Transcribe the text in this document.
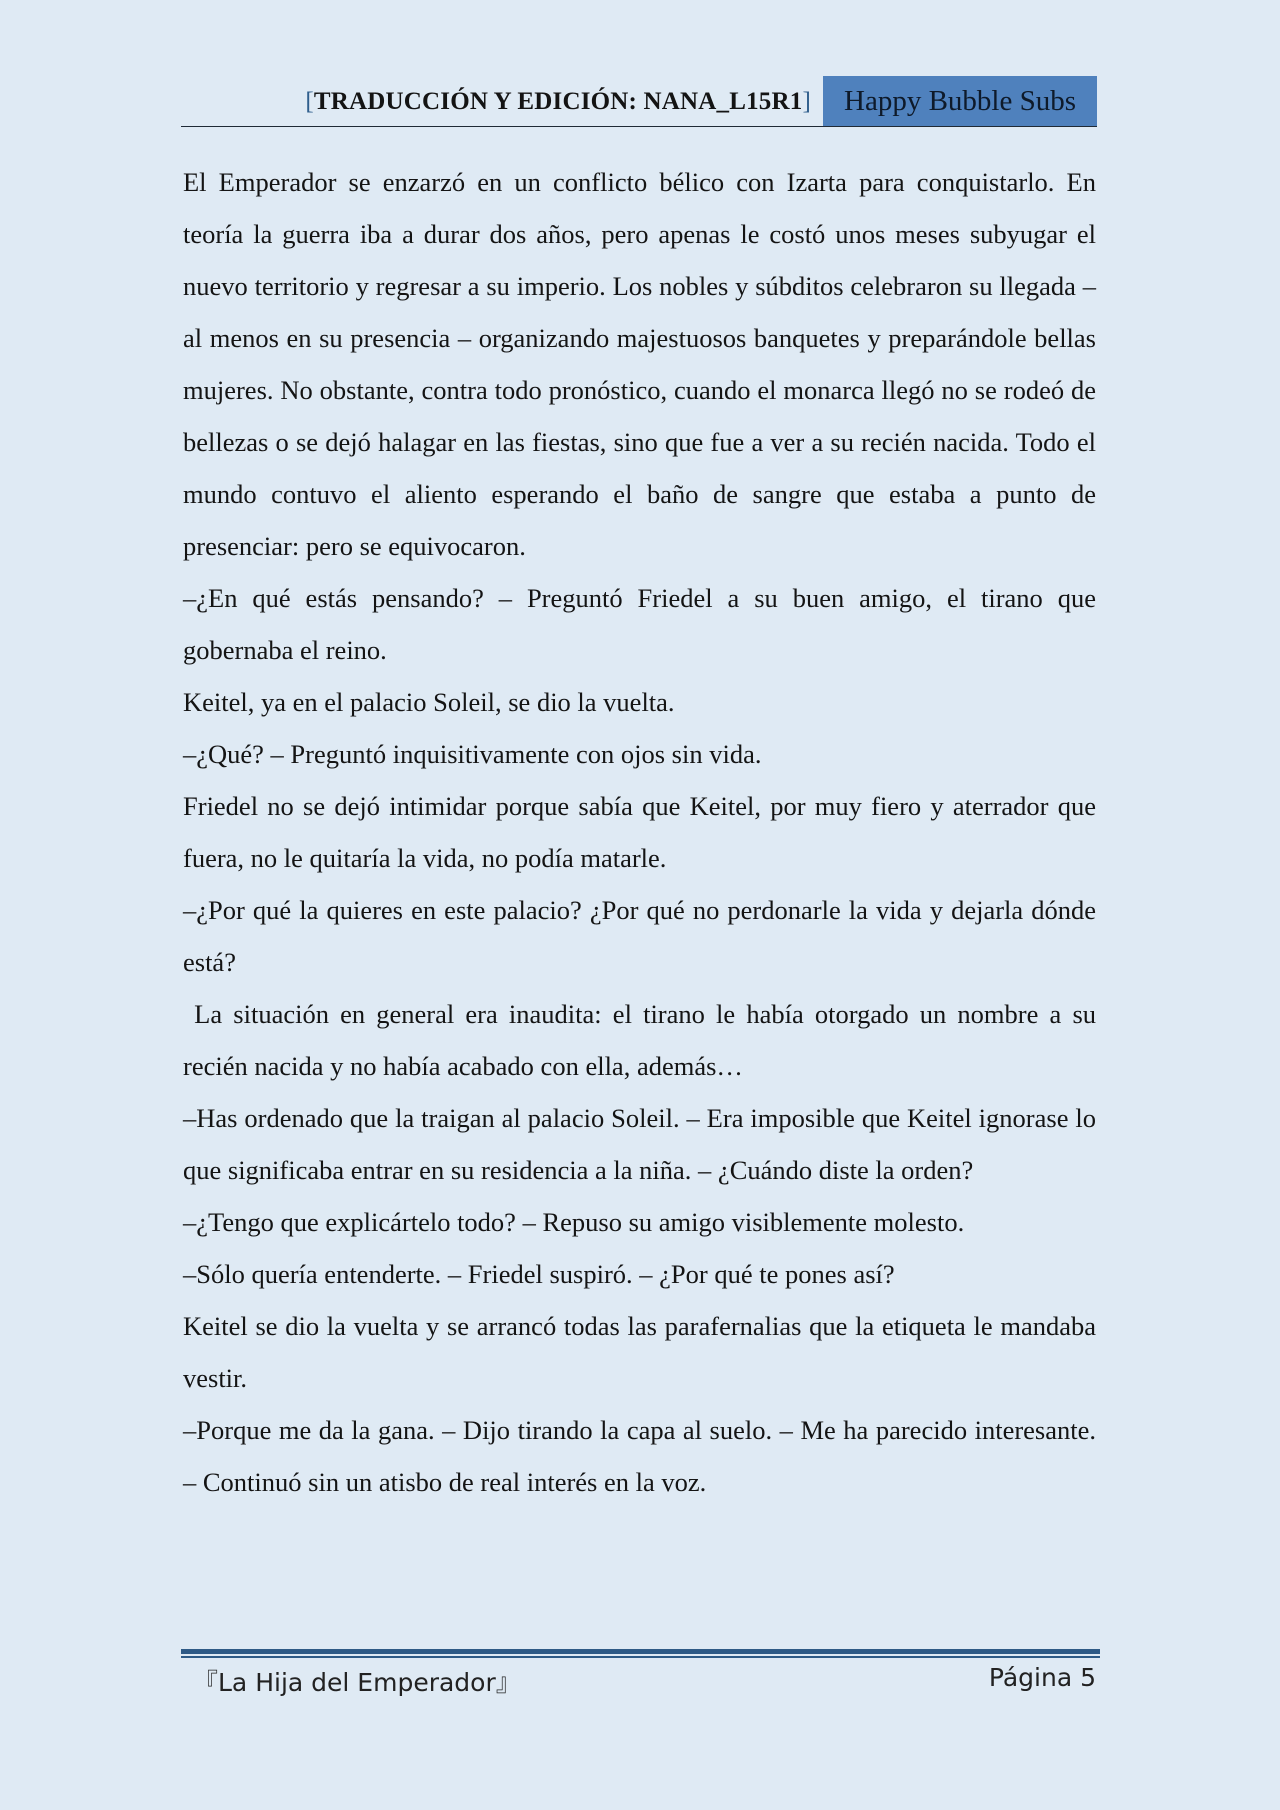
[TRADUCCIÓN Y EDICIÓN: NANA_L15R1]	Happy Bubble Subs

El Emperador se enzarzó en un conflicto bélico con Izarta para conquistarlo. En teoría la guerra iba a durar dos años, pero apenas le costó unos meses subyugar el nuevo territorio y regresar a su imperio. Los nobles y súbditos celebraron su llegada – al menos en su presencia – organizando majestuosos banquetes y preparándole bellas mujeres. No obstante, contra todo pronóstico, cuando el monarca llegó no se rodeó de bellezas o se dejó halagar en las fiestas, sino que fue a ver a su recién nacida. Todo el mundo contuvo el aliento esperando el baño de sangre que estaba a punto de presenciar: pero se equivocaron.

–¿En qué estás pensando? – Preguntó Friedel a su buen amigo, el tirano que gobernaba el reino.

Keitel, ya en el palacio Soleil, se dio la vuelta.

–¿Qué? – Preguntó inquisitivamente con ojos sin vida.

Friedel no se dejó intimidar porque sabía que Keitel, por muy fiero y aterrador que fuera, no le quitaría la vida, no podía matarle.

–¿Por qué la quieres en este palacio? ¿Por qué no perdonarle la vida y dejarla dónde está?

La situación en general era inaudita: el tirano le había otorgado un nombre a su recién nacida y no había acabado con ella, además…

–Has ordenado que la traigan al palacio Soleil. – Era imposible que Keitel ignorase lo que significaba entrar en su residencia a la niña. – ¿Cuándo diste la orden?

–¿Tengo que explicártelo todo? – Repuso su amigo visiblemente molesto.

–Sólo quería entenderte. – Friedel suspiró. – ¿Por qué te pones así?

Keitel se dio la vuelta y se arrancó todas las parafernalias que la etiqueta le mandaba vestir.

–Porque me da la gana. – Dijo tirando la capa al suelo. – Me ha parecido interesante. – Continuó sin un atisbo de real interés en la voz.

『La Hija del Emperador』	Página 5
